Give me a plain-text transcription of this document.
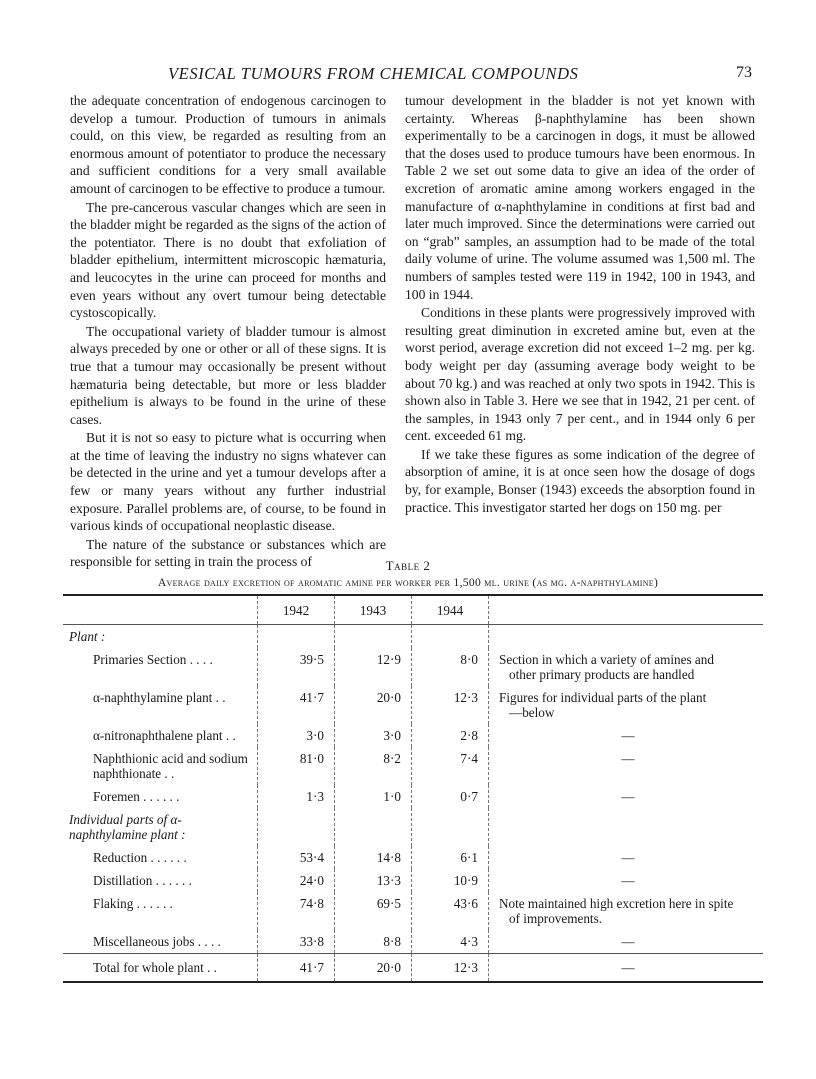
VESICAL TUMOURS FROM CHEMICAL COMPOUNDS	73

the adequate concentration of endogenous carcinogen to develop a tumour. Production of tumours in animals could, on this view, be regarded as resulting from an enormous amount of potentiator to produce the necessary and sufficient conditions for a very small available amount of carcinogen to be effective to produce a tumour.

The pre-cancerous vascular changes which are seen in the bladder might be regarded as the signs of the action of the potentiator. There is no doubt that exfoliation of bladder epithelium, intermittent microscopic hæmaturia, and leucocytes in the urine can proceed for months and even years without any overt tumour being detectable cystoscopically.

The occupational variety of bladder tumour is almost always preceded by one or other or all of these signs. It is true that a tumour may occasionally be present without hæmaturia being detectable, but more or less bladder epithelium is always to be found in the urine of these cases.

But it is not so easy to picture what is occurring when at the time of leaving the industry no signs whatever can be detected in the urine and yet a tumour develops after a few or many years without any further industrial exposure. Parallel problems are, of course, to be found in various kinds of occupational neoplastic disease.

The nature of the substance or substances which are responsible for setting in train the process of

tumour development in the bladder is not yet known with certainty. Whereas β-naphthylamine has been shown experimentally to be a carcinogen in dogs, it must be allowed that the doses used to produce tumours have been enormous. In Table 2 we set out some data to give an idea of the order of excretion of aromatic amine among workers engaged in the manufacture of α-naphthylamine in conditions at first bad and later much improved. Since the determinations were carried out on “grab” samples, an assumption had to be made of the total daily volume of urine. The volume assumed was 1,500 ml. The numbers of samples tested were 119 in 1942, 100 in 1943, and 100 in 1944.

Conditions in these plants were progressively improved with resulting great diminution in excreted amine but, even at the worst period, average excretion did not exceed 1–2 mg. per kg. body weight per day (assuming average body weight to be about 70 kg.) and was reached at only two spots in 1942. This is shown also in Table 3. Here we see that in 1942, 21 per cent. of the samples, in 1943 only 7 per cent., and in 1944 only 6 per cent. exceeded 61 mg.

If we take these figures as some indication of the degree of absorption of amine, it is at once seen how the dosage of dogs by, for example, Bonser (1943) exceeds the absorption found in practice. This investigator started her dogs on 150 mg. per

Table 2
Average daily excretion of aromatic amine per worker per 1,500 ml. urine (as mg. α-naphthylamine)
	1942	1943	1944	
Plant :				

Primaries Section . . . .	39·5	12·9	8·0	Section in which a variety of amines and
other primary products are handled

α-naphthylamine plant . .	41·7	20·0	12·3	Figures for individual parts of the plant
—below

α-nitronaphthalene plant . .	3·0	3·0	2·8	—

Naphthionic acid and sodium naphthionate . .	81·0	8·2	7·4	—

Foremen . . . . . .	1·3	1·0	0·7	—
Individual parts of α-naphthylamine plant :				

Reduction . . . . . .	53·4	14·8	6·1	—

Distillation . . . . . .	24·0	13·3	10·9	—

Flaking . . . . . .	74·8	69·5	43·6	Note maintained high excretion here in spite
of improvements.

Miscellaneous jobs . . . .	33·8	8·8	4·3	—

Total for whole plant . .	41·7	20·0	12·3	—
